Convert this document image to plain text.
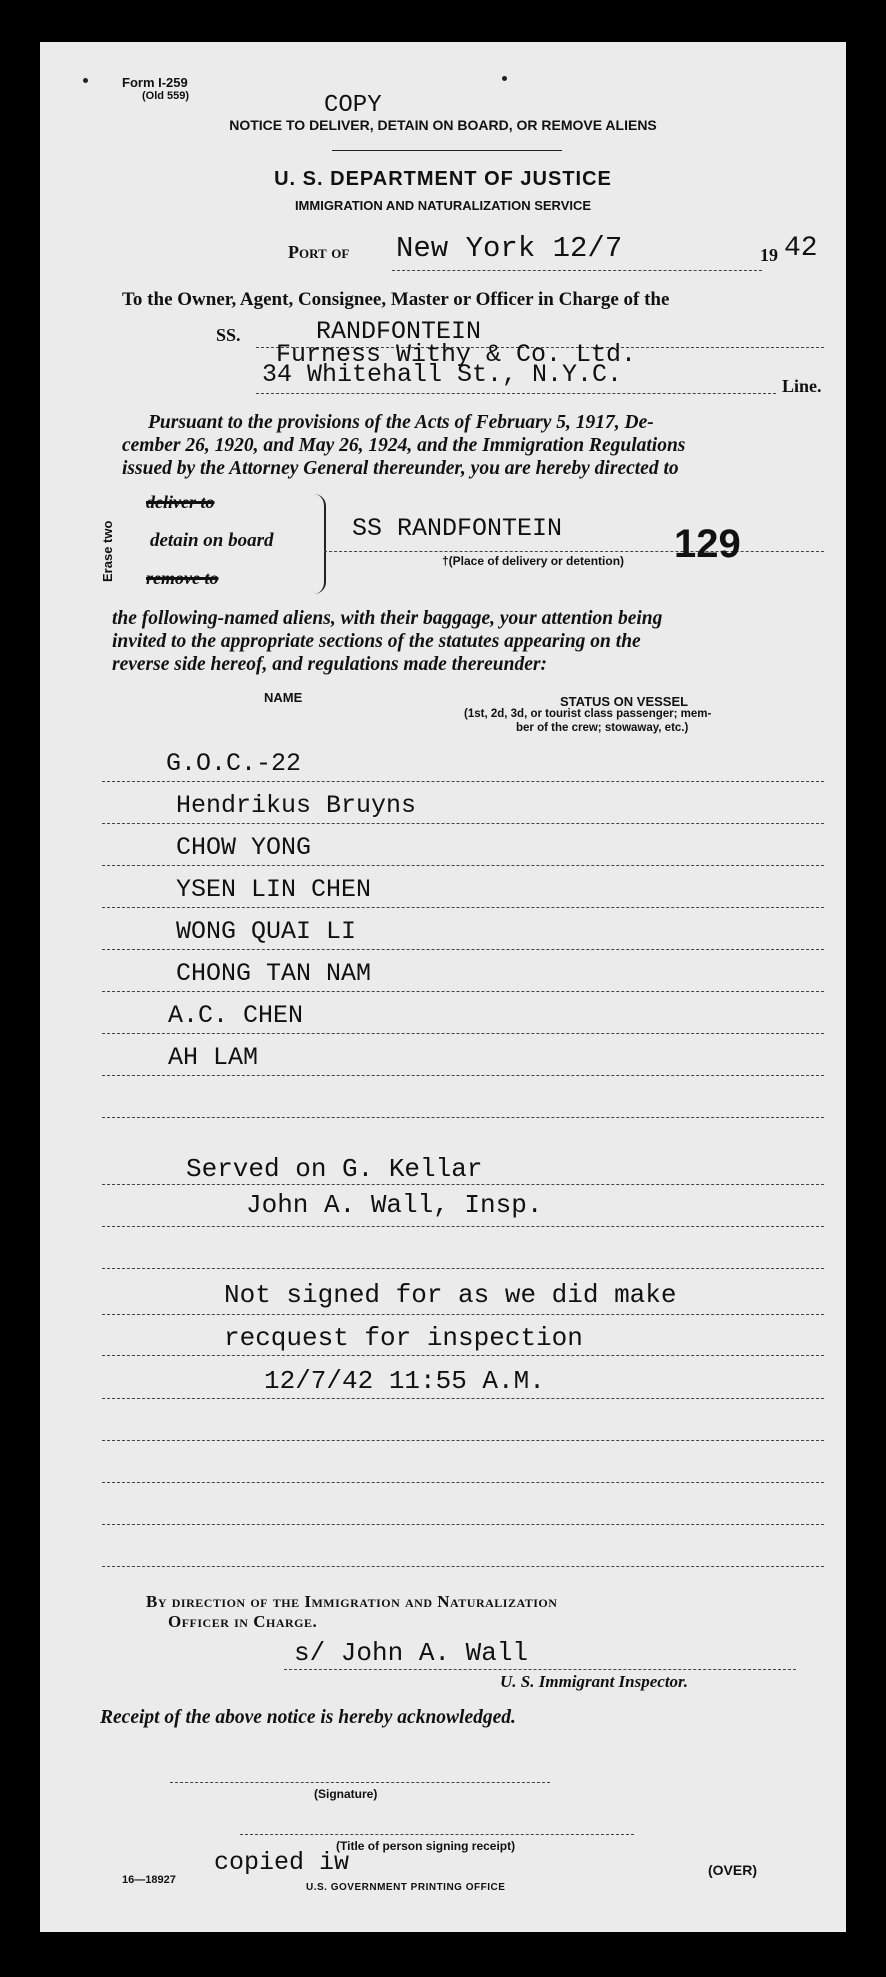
Form I-259
(Old 559)	COPY
NOTICE TO DELIVER, DETAIN ON BOARD, OR REMOVE ALIENS
U. S. DEPARTMENT OF JUSTICE
IMMIGRATION AND NATURALIZATION SERVICE
Port of New York 12/7	19 42
To the Owner, Agent, Consignee, Master or Officer in Charge of the
SS.	RANDFONTEIN
Furness Withy & Co. Ltd.
34 Whitehall St., N.Y.C.	Line.
Pursuant to the provisions of the Acts of February 5, 1917, De-
cember 26, 1920, and May 26, 1924, and the Immigration Regulations
issued by the Attorney General thereunder, you are hereby directed to
Erase two
deliver to
detain on board
remove to
SS RANDFONTEIN
†(Place of delivery or detention) 129
the following-named aliens, with their baggage, your attention being
invited to the appropriate sections of the statutes appearing on the
reverse side hereof, and regulations made thereunder:
NAME	STATUS ON VESSEL
(1st, 2d, 3d, or tourist class passenger; mem-
ber of the crew; stowaway, etc.)
G.O.C.-22
Hendrikus Bruyns
CHOW YONG
YSEN LIN CHEN
WONG QUAI LI
CHONG TAN NAM
A.C. CHEN
AH LAM
Served on G. Kellar
John A. Wall, Insp.
Not signed for as we did make
recquest for inspection
12/7/42 11:55 A.M.
By direction of the Immigration and Naturalization
Officer in Charge.
s/ John A. Wall
U. S. Immigrant Inspector.
Receipt of the above notice is hereby acknowledged.
(Signature)
(Title of person signing receipt)
copied iw
16—18927
U.S. GOVERNMENT PRINTING OFFICE
(OVER)
